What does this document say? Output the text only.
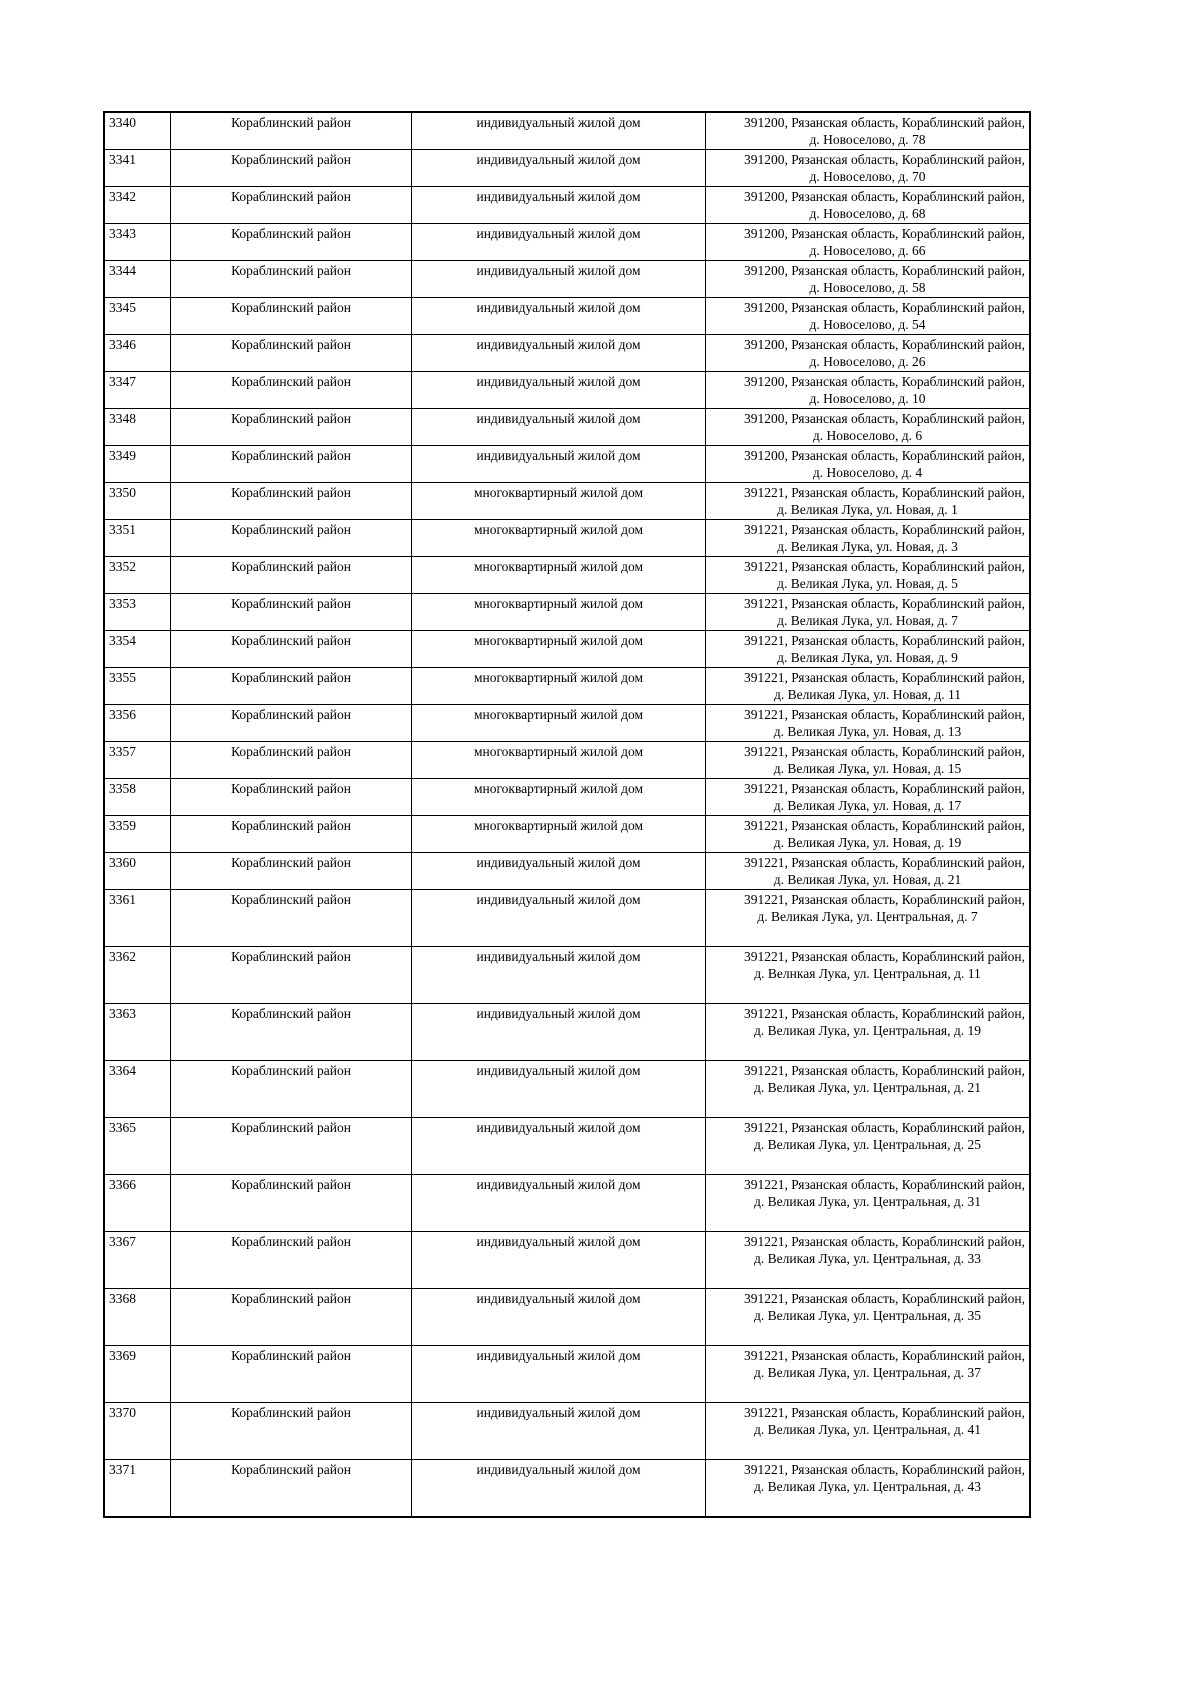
3340	Кораблинский район	индивидуальный жилой дом	391200, Рязанская область, Кораблинский район,
д. Новоселово, д. 78

3341	Кораблинский район	индивидуальный жилой дом	391200, Рязанская область, Кораблинский район,
д. Новоселово, д. 70

3342	Кораблинский район	индивидуальный жилой дом	391200, Рязанская область, Кораблинский район,
д. Новоселово, д. 68

3343	Кораблинский район	индивидуальный жилой дом	391200, Рязанская область, Кораблинский район,
д. Новоселово, д. 66

3344	Кораблинский район	индивидуальный жилой дом	391200, Рязанская область, Кораблинский район,
д. Новоселово, д. 58

3345	Кораблинский район	индивидуальный жилой дом	391200, Рязанская область, Кораблинский район,
д. Новоселово, д. 54

3346	Кораблинский район	индивидуальный жилой дом	391200, Рязанская область, Кораблинский район,
д. Новоселово, д. 26

3347	Кораблинский район	индивидуальный жилой дом	391200, Рязанская область, Кораблинский район,
д. Новоселово, д. 10

3348	Кораблинский район	индивидуальный жилой дом	391200, Рязанская область, Кораблинский район,
д. Новоселово, д. 6

3349	Кораблинский район	индивидуальный жилой дом	391200, Рязанская область, Кораблинский район,
д. Новоселово, д. 4

3350	Кораблинский район	многоквартирный жилой дом	391221, Рязанская область, Кораблинский район,
д. Великая Лука, ул. Новая, д. 1

3351	Кораблинский район	многоквартирный жилой дом	391221, Рязанская область, Кораблинский район,
д. Великая Лука, ул. Новая, д. 3

3352	Кораблинский район	многоквартирный жилой дом	391221, Рязанская область, Кораблинский район,
д. Великая Лука, ул. Новая, д. 5

3353	Кораблинский район	многоквартирный жилой дом	391221, Рязанская область, Кораблинский район,
д. Великая Лука, ул. Новая, д. 7

3354	Кораблинский район	многоквартирный жилой дом	391221, Рязанская область, Кораблинский район,
д. Великая Лука, ул. Новая, д. 9

3355	Кораблинский район	многоквартирный жилой дом	391221, Рязанская область, Кораблинский район,
д. Великая Лука, ул. Новая, д. 11

3356	Кораблинский район	многоквартирный жилой дом	391221, Рязанская область, Кораблинский район,
д. Великая Лука, ул. Новая, д. 13

3357	Кораблинский район	многоквартирный жилой дом	391221, Рязанская область, Кораблинский район,
д. Великая Лука, ул. Новая, д. 15

3358	Кораблинский район	многоквартирный жилой дом	391221, Рязанская область, Кораблинский район,
д. Великая Лука, ул. Новая, д. 17

3359	Кораблинский район	многоквартирный жилой дом	391221, Рязанская область, Кораблинский район,
д. Великая Лука, ул. Новая, д. 19

3360	Кораблинский район	индивидуальный жилой дом	391221, Рязанская область, Кораблинский район,
д. Великая Лука, ул. Новая, д. 21

3361	Кораблинский район	индивидуальный жилой дом	391221, Рязанская область, Кораблинский район,
д. Великая Лука, ул. Центральная, д. 7

3362	Кораблинский район	индивидуальный жилой дом	391221, Рязанская область, Кораблинский район,
д. Велнкая Лука, ул. Центральная, д. 11

3363	Кораблинский район	индивидуальный жилой дом	391221, Рязанская область, Кораблинский район,
д. Великая Лука, ул. Центральная, д. 19

3364	Кораблинский район	индивидуальный жилой дом	391221, Рязанская область, Кораблинский район,
д. Великая Лука, ул. Центральная, д. 21

3365	Кораблинский район	индивидуальный жилой дом	391221, Рязанская область, Кораблинский район,
д. Великая Лука, ул. Центральная, д. 25

3366	Кораблинский район	индивидуальный жилой дом	391221, Рязанская область, Кораблинский район,
д. Великая Лука, ул. Центральная, д. 31

3367	Кораблинский район	индивидуальный жилой дом	391221, Рязанская область, Кораблинский район,
д. Великая Лука, ул. Центральная, д. 33

3368	Кораблинский район	индивидуальный жилой дом	391221, Рязанская область, Кораблинский район,
д. Великая Лука, ул. Центральная, д. 35

3369	Кораблинский район	индивидуальный жилой дом	391221, Рязанская область, Кораблинский район,
д. Великая Лука, ул. Центральная, д. 37

3370	Кораблинский район	индивидуальный жилой дом	391221, Рязанская область, Кораблинский район,
д. Великая Лука, ул. Центральная, д. 41

3371	Кораблинский район	индивидуальный жилой дом	391221, Рязанская область, Кораблинский район,
д. Великая Лука, ул. Центральная, д. 43
